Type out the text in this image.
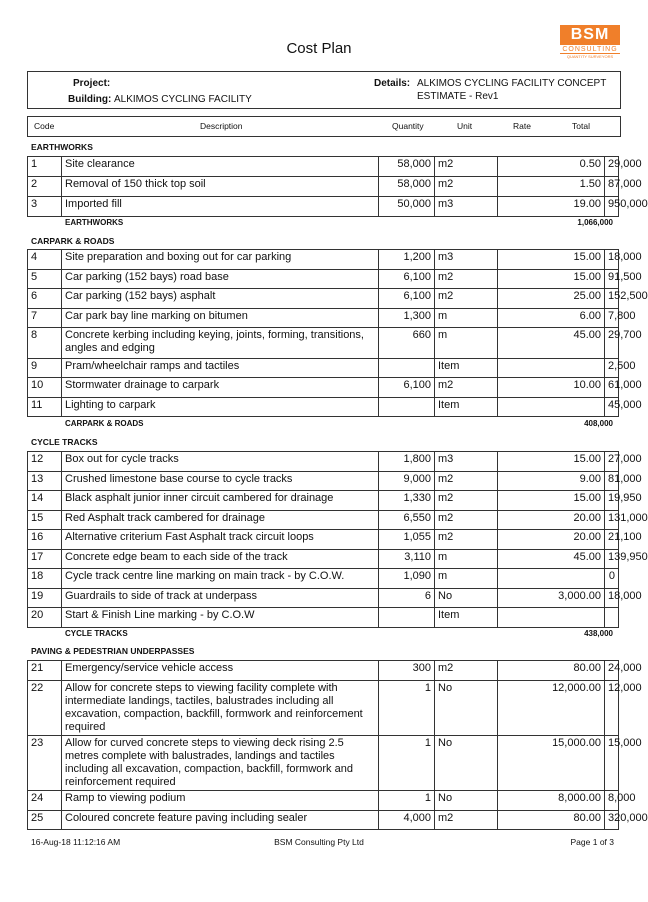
Cost Plan
BSM
CONSULTING
QUANTITY SURVEYORS
Project:
Building: ALKIMOS CYCLING FACILITY
Details: ALKIMOS CYCLING FACILITY CONCEPT
ESTIMATE - Rev1
Code	Description	Quantity	Unit	Rate	Total
EARTHWORKS
1	Site clearance	58,000	m2	0.50	29,000
2	Removal of 150 thick top soil	58,000	m2	1.50	87,000
3	Imported fill	50,000	m3	19.00	950,000
EARTHWORKS	1,066,000
CARPARK & ROADS
4	Site preparation and boxing out for car parking	1,200	m3	15.00	18,000
5	Car parking (152 bays) road base	6,100	m2	15.00	91,500
6	Car parking (152 bays) asphalt	6,100	m2	25.00	152,500
7	Car park bay line marking on bitumen	1,300	m	6.00	7,800
8	Concrete kerbing including keying, joints, forming, transitions, angles and edging	660	m	45.00	29,700
9	Pram/wheelchair ramps and tactiles		Item		2,500
10	Stormwater drainage to carpark	6,100	m2	10.00	61,000
11	Lighting to carpark		Item		45,000
CARPARK & ROADS	408,000
CYCLE TRACKS
12	Box out for cycle tracks	1,800	m3	15.00	27,000
13	Crushed limestone base course to cycle tracks	9,000	m2	9.00	81,000
14	Black asphalt junior inner circuit cambered for drainage	1,330	m2	15.00	19,950
15	Red Asphalt track cambered for drainage	6,550	m2	20.00	131,000
16	Alternative criterium Fast Asphalt track circuit loops	1,055	m2	20.00	21,100
17	Concrete edge beam to each side of the track	3,110	m	45.00	139,950
18	Cycle track centre line marking on main track - by C.O.W.	1,090	m		0
19	Guardrails to side of track at underpass	6	No	3,000.00	18,000
20	Start & Finish Line marking - by C.O.W		Item		
CYCLE TRACKS	438,000
PAVING & PEDESTRIAN UNDERPASSES
21	Emergency/service vehicle access	300	m2	80.00	24,000
22	Allow for concrete steps to viewing facility complete with intermediate landings, tactiles, balustrades including all excavation, compaction, backfill, formwork and reinforcement required	1	No	12,000.00	12,000
23	Allow for curved concrete steps to viewing deck rising 2.5 metres complete with balustrades, landings and tactiles including all excavation, compaction, backfill, formwork and reinforcement required	1	No	15,000.00	15,000
24	Ramp to viewing podium	1	No	8,000.00	8,000
25	Coloured concrete feature paving including sealer	4,000	m2	80.00	320,000
16-Aug-18 11:12:16 AM	BSM Consulting Pty Ltd	Page 1 of 3
